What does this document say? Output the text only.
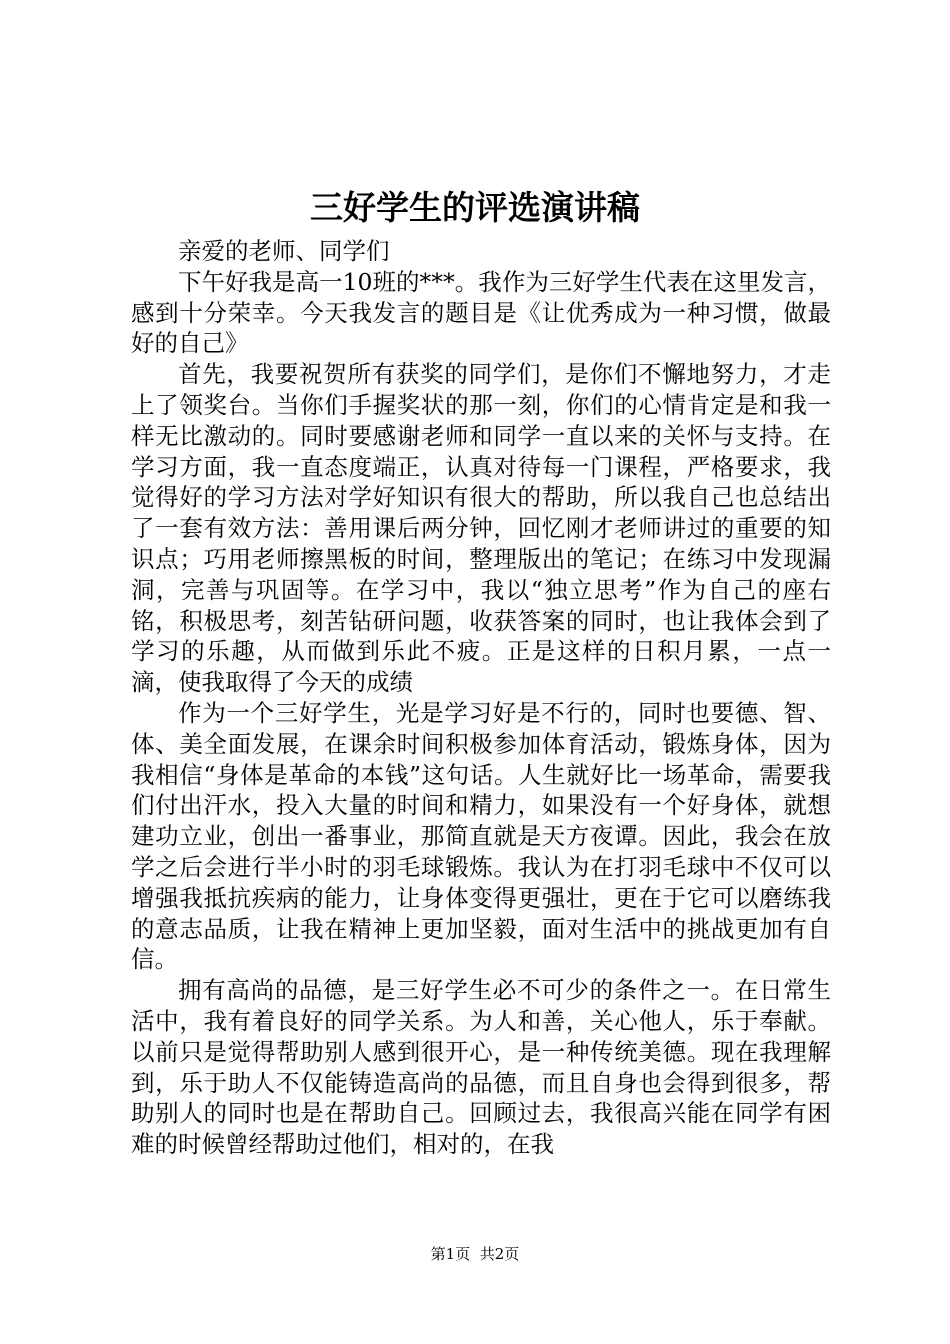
三好学生的评选演讲稿

亲爱的老师、同学们

下午好我是高一10班的***。我作为三好学生代表在这里发言，感到十分荣幸。今天我发言的题目是《让优秀成为一种习惯，做最好的自己》

首先，我要祝贺所有获奖的同学们，是你们不懈地努力，才走上了领奖台。当你们手握奖状的那一刻，你们的心情肯定是和我一样无比激动的。同时要感谢老师和同学一直以来的关怀与支持。在学习方面，我一直态度端正，认真对待每一门课程，严格要求，我觉得好的学习方法对学好知识有很大的帮助，所以我自己也总结出了一套有效方法：善用课后两分钟，回忆刚才老师讲过的重要的知识点；巧用老师擦黑板的时间，整理版出的笔记；在练习中发现漏洞，完善与巩固等。在学习中，我以“独立思考”作为自己的座右铭，积极思考，刻苦钻研问题，收获答案的同时，也让我体会到了学习的乐趣，从而做到乐此不疲。正是这样的日积月累，一点一滴，使我取得了今天的成绩

作为一个三好学生，光是学习好是不行的，同时也要德、智、体、美全面发展，在课余时间积极参加体育活动，锻炼身体，因为我相信“身体是革命的本钱”这句话。人生就好比一场革命，需要我们付出汗水，投入大量的时间和精力，如果没有一个好身体，就想建功立业，创出一番事业，那简直就是天方夜谭。因此，我会在放学之后会进行半小时的羽毛球锻炼。我认为在打羽毛球中不仅可以增强我抵抗疾病的能力，让身体变得更强壮，更在于它可以磨练我的意志品质，让我在精神上更加坚毅，面对生活中的挑战更加有自信。

拥有高尚的品德，是三好学生必不可少的条件之一。在日常生活中，我有着良好的同学关系。为人和善，关心他人，乐于奉献。以前只是觉得帮助别人感到很开心，是一种传统美德。现在我理解到，乐于助人不仅能铸造高尚的品德，而且自身也会得到很多，帮助别人的同时也是在帮助自己。回顾过去，我很高兴能在同学有困难的时候曾经帮助过他们，相对的，在我

第1页 共2页
